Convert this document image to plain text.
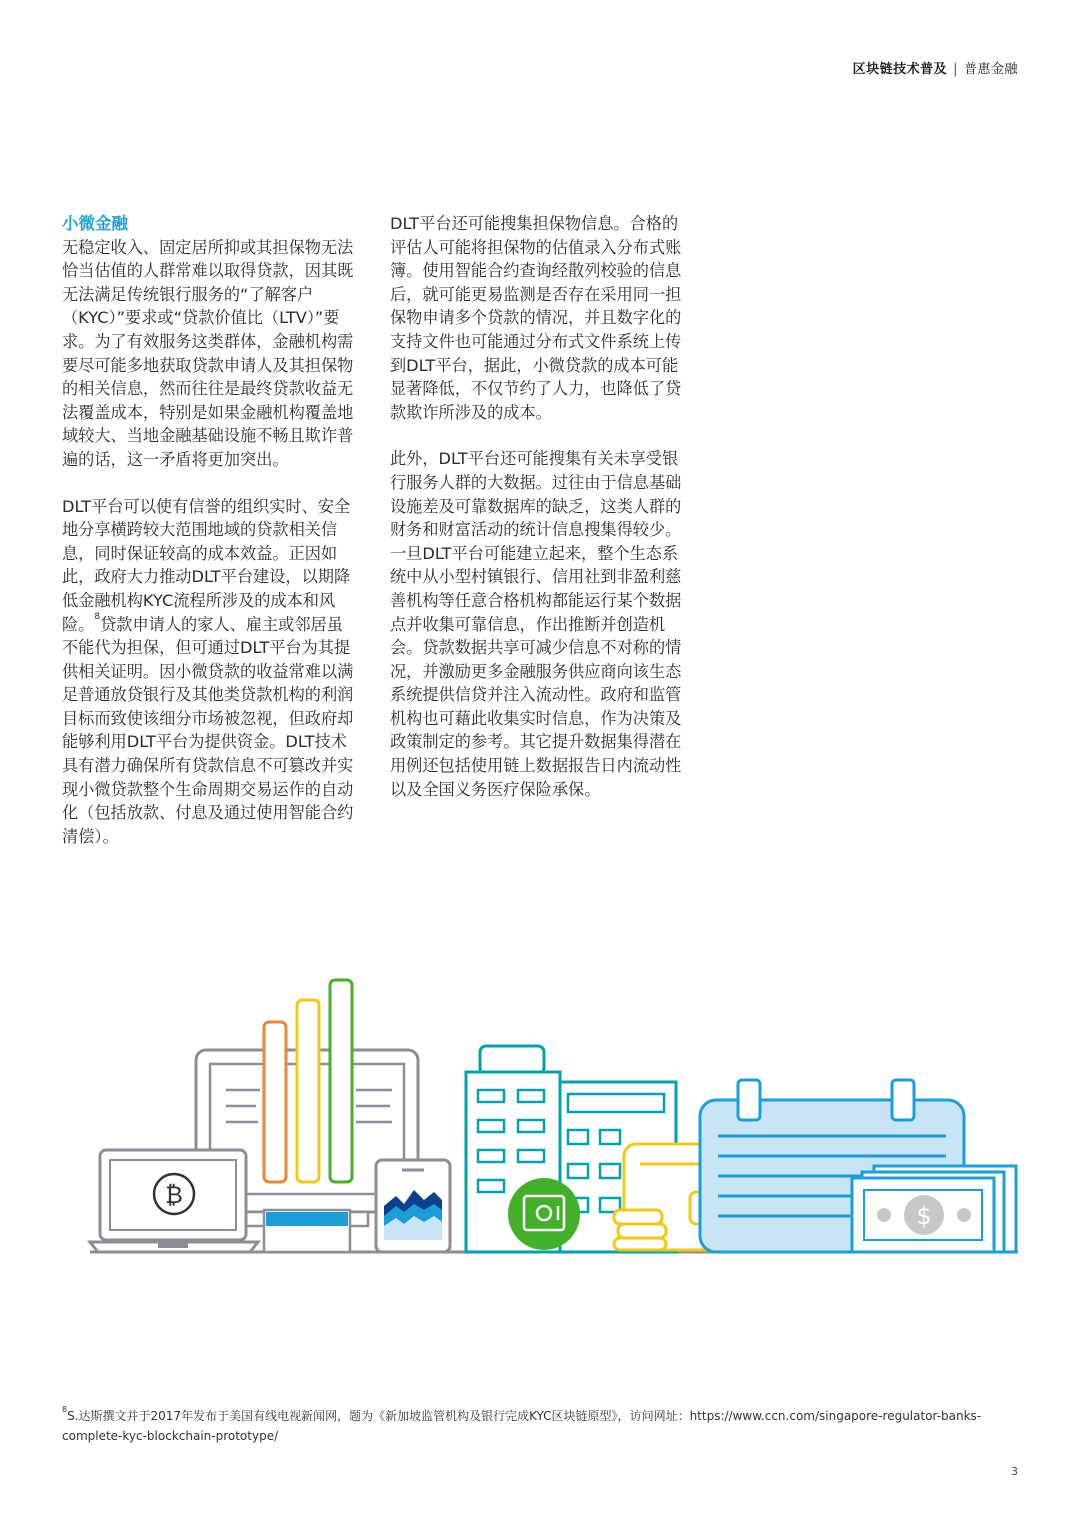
区块链技术普及 | 普惠金融
小微金融

无稳定收入、固定居所抑或其担保物无法恰当估值的人群常难以取得贷款，因其既无法满足传统银行服务的“了解客户（KYC）”要求或“贷款价值比（LTV）”要求。为了有效服务这类群体，金融机构需要尽可能多地获取贷款申请人及其担保物的相关信息，然而往往是最终贷款收益无法覆盖成本，特别是如果金融机构覆盖地域较大、当地金融基础设施不畅且欺诈普遍的话，这一矛盾将更加突出。

DLT平台可以使有信誉的组织实时、安全地分享横跨较大范围地域的贷款相关信息，同时保证较高的成本效益。正因如此，政府大力推动DLT平台建设，以期降低金融机构KYC流程所涉及的成本和风险。$^8$贷款申请人的家人、雇主或邻居虽不能代为担保，但可通过DLT平台为其提供相关证明。因小微贷款的收益常难以满足普通放贷银行及其他类贷款机构的利润目标而致使该细分市场被忽视，但政府却能够利用DLT平台为提供资金。DLT技术具有潜力确保所有贷款信息不可篡改并实现小微贷款整个生命周期交易运作的自动化（包括放款、付息及通过使用智能合约清偿）。

DLT平台还可能搜集担保物信息。合格的评估人可能将担保物的估值录入分布式账簿。使用智能合约查询经散列校验的信息后，就可能更易监测是否存在采用同一担保物申请多个贷款的情况，并且数字化的支持文件也可能通过分布式文件系统上传到DLT平台，据此，小微贷款的成本可能显著降低，不仅节约了人力，也降低了贷款欺诈所涉及的成本。

此外，DLT平台还可能搜集有关未享受银行服务人群的大数据。过往由于信息基础设施差及可靠数据库的缺乏，这类人群的财务和财富活动的统计信息搜集得较少。一旦DLT平台可能建立起来，整个生态系统中从小型村镇银行、信用社到非盈利慈善机构等任意合格机构都能运行某个数据点并收集可靠信息，作出推断并创造机会。贷款数据共享可减少信息不对称的情况，并激励更多金融服务供应商向该生态系统提供信贷并注入流动性。政府和监管机构也可藉此收集实时信息，作为决策及政策制定的参考。其它提升数据集得潜在用例还包括使用链上数据报告日内流动性以及全国义务医疗保险承保。

₿
$
$^8$S.达斯撰文并于2017年发布于美国有线电视新闻网，题为《新加坡监管机构及银行完成KYC区块链原型》，访问网址：https://www.ccn.com/singapore-regulator-banks-complete-kyc-blockchain-prototype/
3
